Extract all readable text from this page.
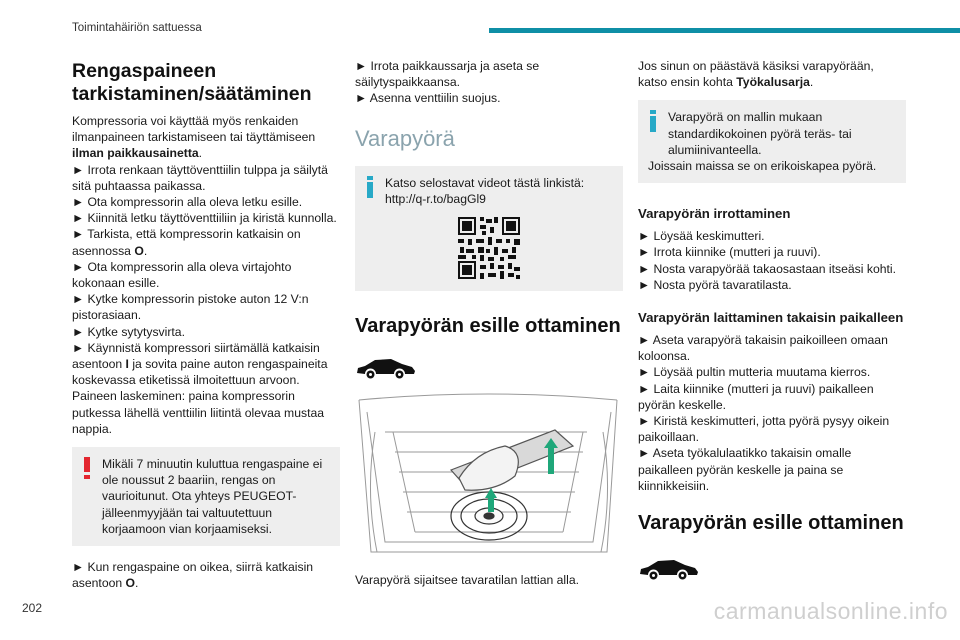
Toimintahäiriön sattuessa
Rengaspaineen tarkistaminen/säätäminen

Kompressoria voi käyttää myös renkaiden ilmanpaineen tarkistamiseen tai täyttämiseen ilman paikkausainetta.

► Irrota renkaan täyttöventtiilin tulppa ja säilytä sitä puhtaassa paikassa.

► Ota kompressorin alla oleva letku esille.

► Kiinnitä letku täyttöventtiiliin ja kiristä kunnolla.

► Tarkista, että kompressorin katkaisin on asennossa O.

► Ota kompressorin alla oleva virtajohto kokonaan esille.

► Kytke kompressorin pistoke auton 12 V:n pistorasiaan.

► Kytke sytytysvirta.

► Käynnistä kompressori siirtämällä katkaisin asentoon I ja sovita paine auton rengaspaineita koskevassa etiketissä ilmoitettuun arvoon.

Paineen laskeminen: paina kompressorin putkessa lähellä venttiilin liitintä olevaa mustaa nappia.

Mikäli 7 minuutin kuluttua rengaspaine ei ole noussut 2 baariin, rengas on vaurioitunut. Ota yhteys PEUGEOT-jälleenmyyjään tai valtuutettuun korjaamoon vian korjaamiseksi.

► Kun rengaspaine on oikea, siirrä katkaisin asentoon O.

► Irrota paikkaussarja ja aseta se säilytyspaikkaansa.

► Asenna venttiilin suojus.

Varapyörä

Katso selostavat videot tästä linkistä: http://q-r.to/bagGl9

Varapyörän esille ottaminen

Varapyörä sijaitsee tavaratilan lattian alla.

Jos sinun on päästävä käsiksi varapyörään, katso ensin kohta Työkalusarja.

Varapyörä on mallin mukaan standardikokoinen pyörä teräs- tai alumiinivanteella.

Joissain maissa se on erikoiskapea pyörä.

Varapyörän irrottaminen

► Löysää keskimutteri.

► Irrota kiinnike (mutteri ja ruuvi).

► Nosta varapyörää takaosastaan itseäsi kohti.

► Nosta pyörä tavaratilasta.

Varapyörän laittaminen takaisin paikalleen

► Aseta varapyörä takaisin paikoilleen omaan koloonsa.

► Löysää pultin mutteria muutama kierros.

► Laita kiinnike (mutteri ja ruuvi) paikalleen pyörän keskelle.

► Kiristä keskimutteri, jotta pyörä pysyy oikein paikoillaan.

► Aseta työkalulaatikko takaisin omalle paikalleen pyörän keskelle ja paina se kiinnikkeisiin.

Varapyörän esille ottaminen
202	carmanualsonline.info
